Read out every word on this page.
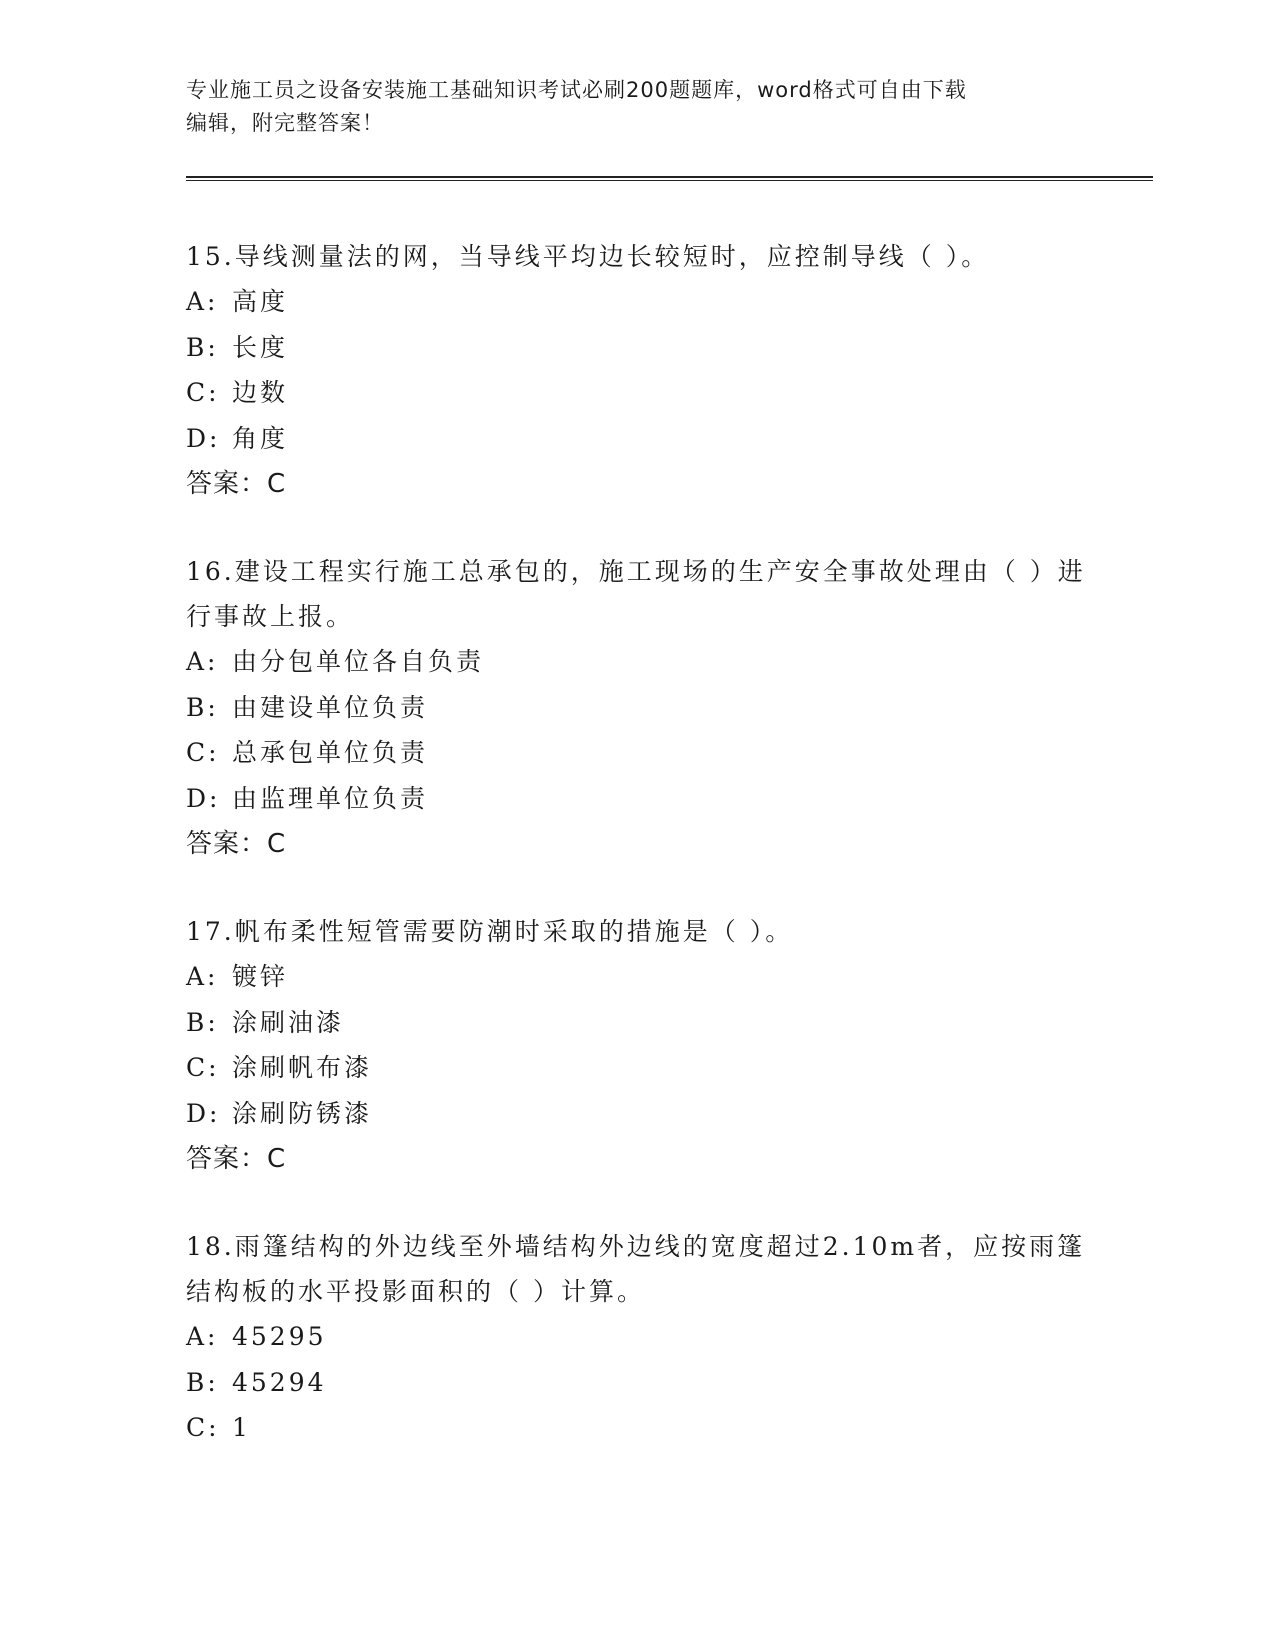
专业施工员之设备安装施工基础知识考试必刷200题题库，word格式可自由下载
编辑，附完整答案！

15.导线测量法的网，当导线平均边长较短时，应控制导线（ ）。

A: 高度
B: 长度
C: 边数
D: 角度

答案：C

16.建设工程实行施工总承包的，施工现场的生产安全事故处理由（ ）进行事故上报。

A: 由分包单位各自负责
B: 由建设单位负责
C: 总承包单位负责
D: 由监理单位负责

答案：C

17.帆布柔性短管需要防潮时采取的措施是（ ）。

A: 镀锌
B: 涂刷油漆
C: 涂刷帆布漆
D: 涂刷防锈漆

答案：C

18.雨篷结构的外边线至外墙结构外边线的宽度超过2.10m者，应按雨篷结构板的水平投影面积的（ ）计算。

A: 45295
B: 45294
C: 1
